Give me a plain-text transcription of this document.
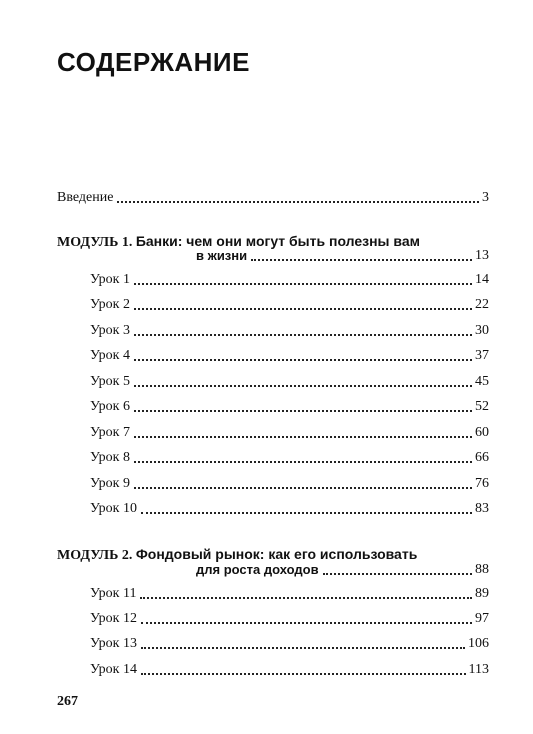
СОДЕРЖАНИЕ
Введение	3
МОДУЛЬ 1. Банки: чем они могут быть полезны вам
в жизни	13
Урок 1	14
Урок 2	22
Урок 3	30
Урок 4	37
Урок 5	45
Урок 6	52
Урок 7	60
Урок 8	66
Урок 9	76
Урок 10	83
МОДУЛЬ 2. Фондовый рынок: как его использовать
для роста доходов	88
Урок 11	89
Урок 12	97
Урок 13	106
Урок 14	113
267
